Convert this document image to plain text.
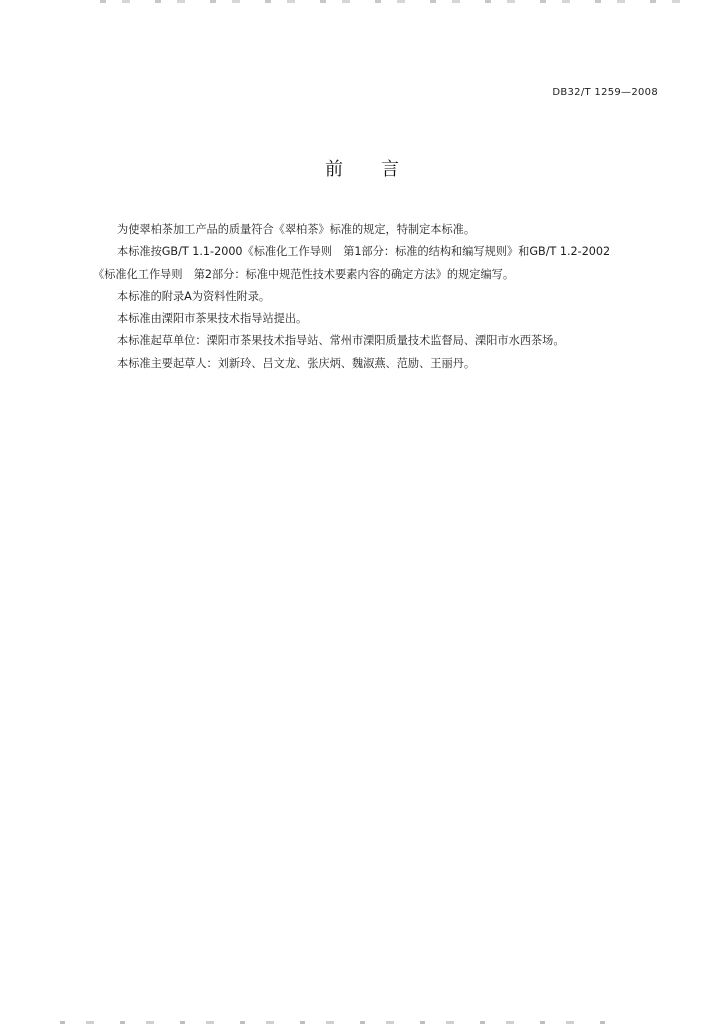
DB32/T 1259—2008
前 言

为使翠柏茶加工产品的质量符合《翠柏茶》标准的规定，特制定本标准。

本标准按GB/T 1.1-2000《标准化工作导则　第1部分：标准的结构和编写规则》和GB/T 1.2-2002

《标准化工作导则　第2部分：标准中规范性技术要素内容的确定方法》的规定编写。

本标准的附录A为资料性附录。

本标准由溧阳市茶果技术指导站提出。

本标准起草单位：溧阳市茶果技术指导站、常州市溧阳质量技术监督局、溧阳市水西茶场。

本标准主要起草人：刘新玲、吕文龙、张庆炳、魏淑燕、范励、王丽丹。
